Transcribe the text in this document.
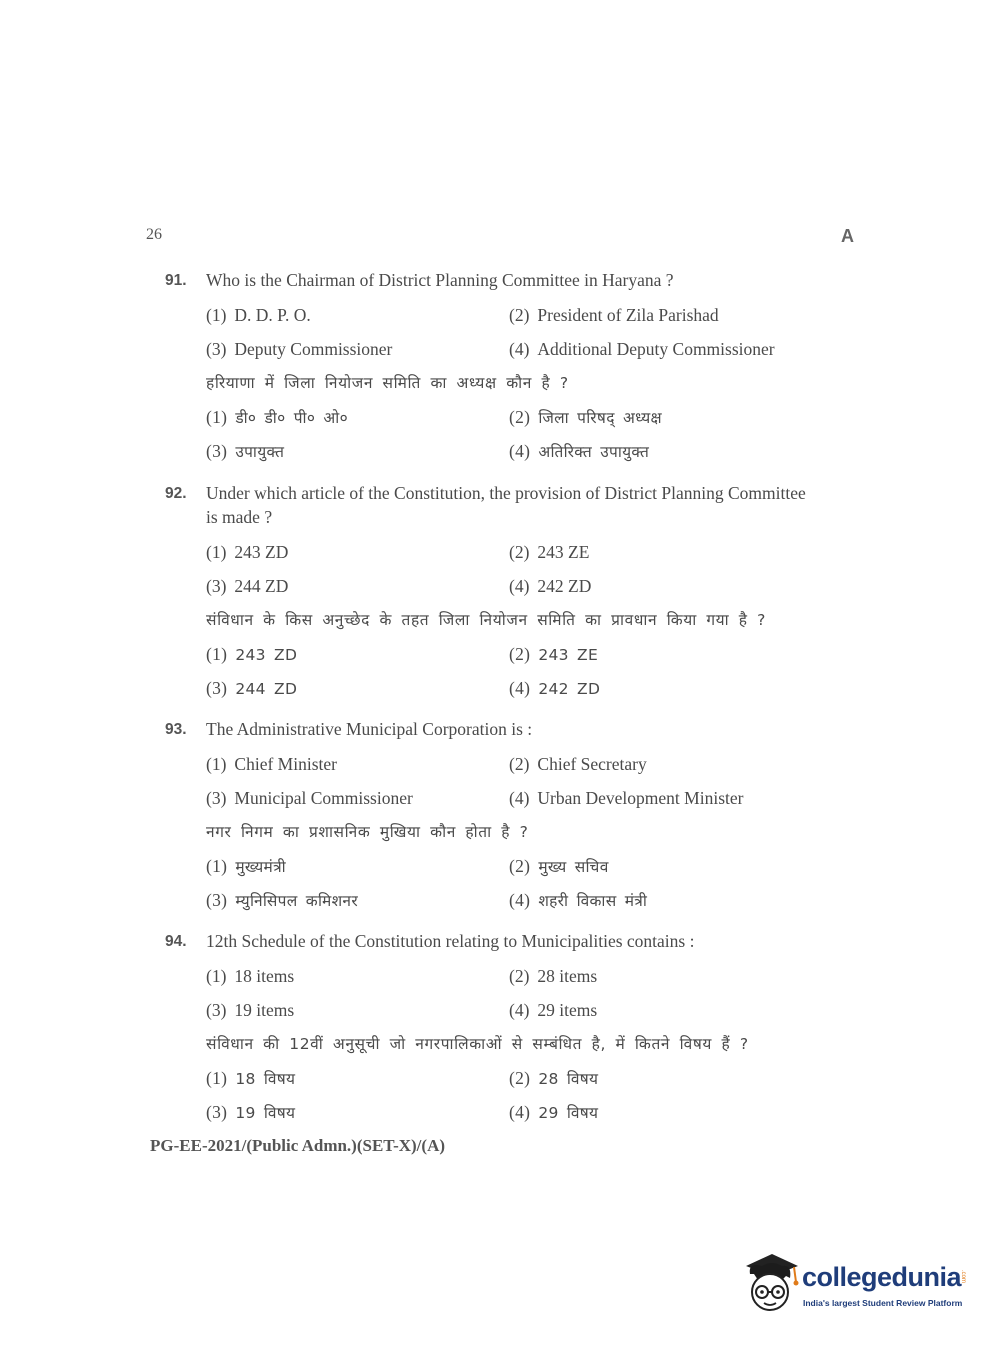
26	A
91.	Who is the Chairman of District Planning Committee in Haryana ?
(1) D. D. P. O.	(2) President of Zila Parishad
(3) Deputy Commissioner	(4) Additional Deputy Commissioner
हरियाणा में जिला नियोजन समिति का अध्यक्ष कौन है ?
(1) डी० डी० पी० ओ०	(2) जिला परिषद् अध्यक्ष
(3) उपायुक्त	(4) अतिरिक्त उपायुक्त
92.	Under which article of the Constitution, the provision of District Planning Committee
is made ?
(1) 243 ZD	(2) 243 ZE
(3) 244 ZD	(4) 242 ZD
संविधान के किस अनुच्छेद के तहत जिला नियोजन समिति का प्रावधान किया गया है ?
(1) 243 ZD	(2) 243 ZE
(3) 244 ZD	(4) 242 ZD
93.	The Administrative Municipal Corporation is :
(1) Chief Minister	(2) Chief Secretary
(3) Municipal Commissioner	(4) Urban Development Minister
नगर निगम का प्रशासनिक मुखिया कौन होता है ?
(1) मुख्यमंत्री	(2) मुख्य सचिव
(3) म्युनिसिपल कमिशनर	(4) शहरी विकास मंत्री
94.	12th Schedule of the Constitution relating to Municipalities contains :
(1) 18 items	(2) 28 items
(3) 19 items	(4) 29 items
संविधान की 12वीं अनुसूची जो नगरपालिकाओं से सम्बंधित है, में कितने विषय हैं ?
(1) 18 विषय	(2) 28 विषय
(3) 19 विषय	(4) 29 विषय
PG-EE-2021/(Public Admn.)(SET-X)/(A)
collegedunia
.com
India's largest Student Review Platform
